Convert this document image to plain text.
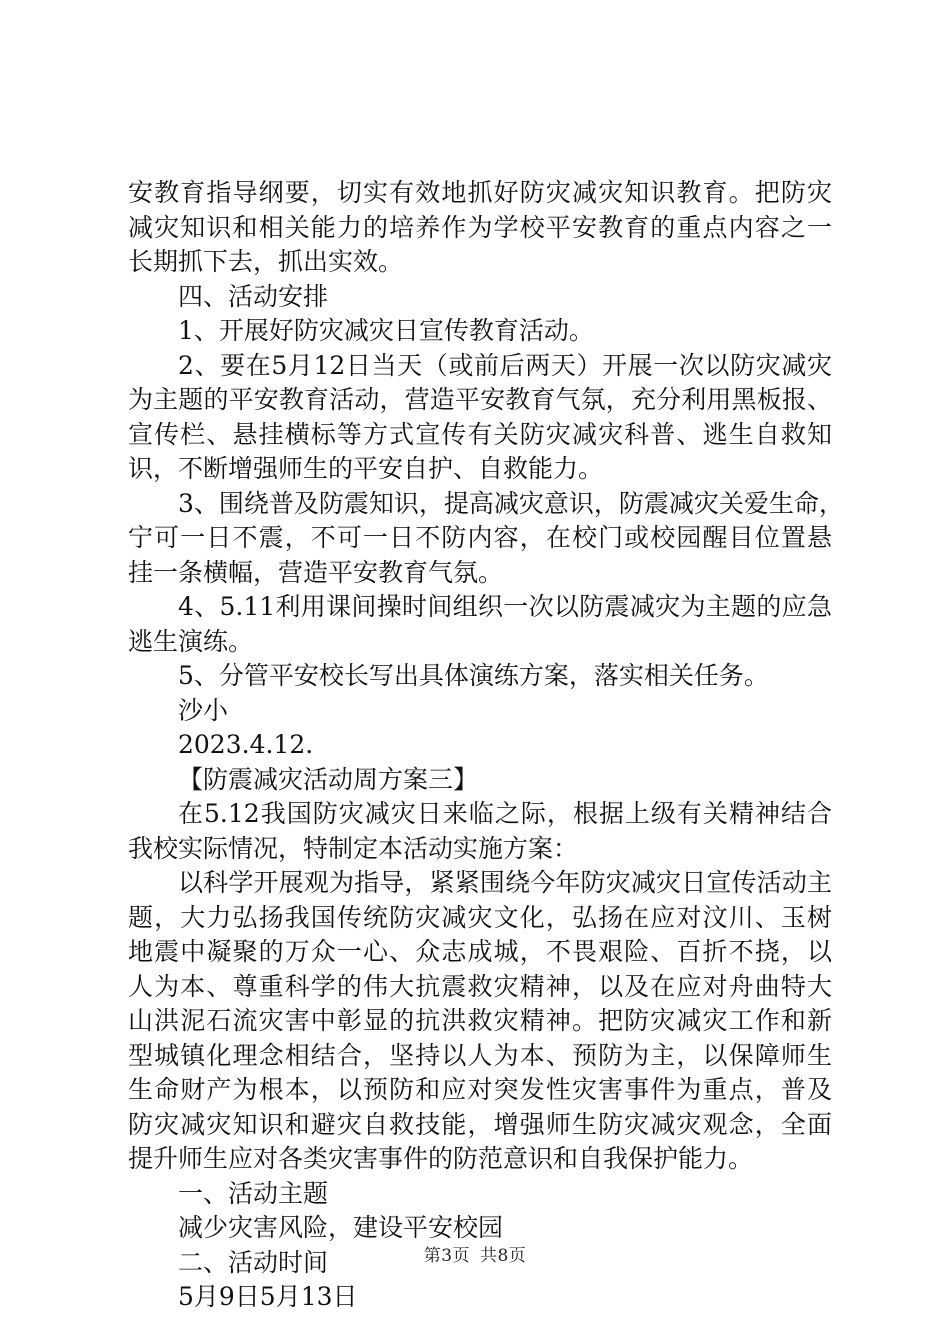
安教育指导纲要，切实有效地抓好防灾减灾知识教育。把防灾
减灾知识和相关能力的培养作为学校平安教育的重点内容之一
长期抓下去，抓出实效。
四、活动安排
1、开展好防灾减灾日宣传教育活动。
2、要在5月12日当天（或前后两天）开展一次以防灾减灾
为主题的平安教育活动，营造平安教育气氛，充分利用黑板报、
宣传栏、悬挂横标等方式宣传有关防灾减灾科普、逃生自救知
识，不断增强师生的平安自护、自救能力。
3、围绕普及防震知识，提高减灾意识，防震减灾关爱生命，
宁可一日不震，不可一日不防内容，在校门或校园醒目位置悬
挂一条横幅，营造平安教育气氛。
4、5.11利用课间操时间组织一次以防震减灾为主题的应急
逃生演练。
5、分管平安校长写出具体演练方案，落实相关任务。
沙小
2023.4.12.
【防震减灾活动周方案三】
在5.12我国防灾减灾日来临之际，根据上级有关精神结合
我校实际情况，特制定本活动实施方案：
以科学开展观为指导，紧紧围绕今年防灾减灾日宣传活动主
题，大力弘扬我国传统防灾减灾文化，弘扬在应对汶川、玉树
地震中凝聚的万众一心、众志成城，不畏艰险、百折不挠，以
人为本、尊重科学的伟大抗震救灾精神，以及在应对舟曲特大
山洪泥石流灾害中彰显的抗洪救灾精神。把防灾减灾工作和新
型城镇化理念相结合，坚持以人为本、预防为主，以保障师生
生命财产为根本，以预防和应对突发性灾害事件为重点，普及
防灾减灾知识和避灾自救技能，增强师生防灾减灾观念，全面
提升师生应对各类灾害事件的防范意识和自我保护能力。
一、活动主题
减少灾害风险，建设平安校园
二、活动时间
5月9日5月13日
第3页 共8页
